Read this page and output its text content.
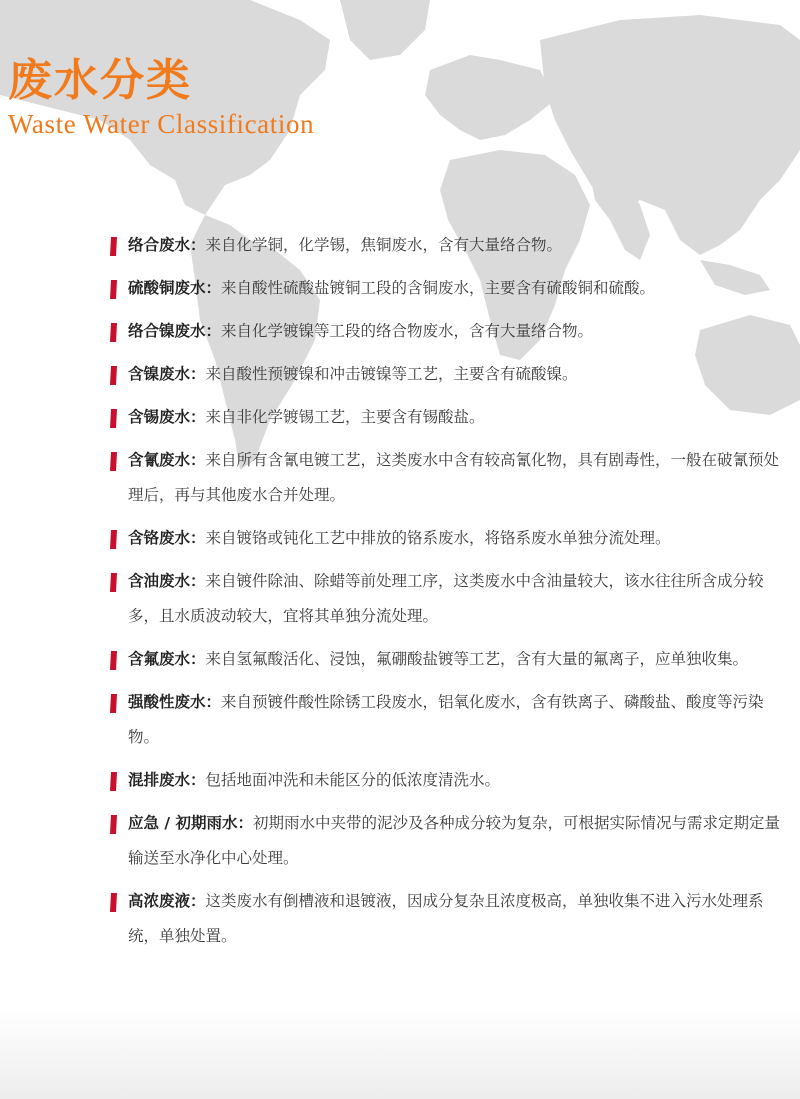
废水分类
Waste Water Classification
络合废水：来自化学铜，化学锡，焦铜废水，含有大量络合物。
硫酸铜废水：来自酸性硫酸盐镀铜工段的含铜废水，主要含有硫酸铜和硫酸。
络合镍废水：来自化学镀镍等工段的络合物废水，含有大量络合物。
含镍废水：来自酸性预镀镍和冲击镀镍等工艺，主要含有硫酸镍。
含锡废水：来自非化学镀锡工艺，主要含有锡酸盐。
含氰废水：来自所有含氰电镀工艺，这类废水中含有较高氰化物，具有剧毒性，一般在破氰预处理后，再与其他废水合并处理。
含铬废水：来自镀铬或钝化工艺中排放的铬系废水，将铬系废水单独分流处理。
含油废水：来自镀件除油、除蜡等前处理工序，这类废水中含油量较大，该水往往所含成分较多，且水质波动较大，宜将其单独分流处理。
含氟废水：来自氢氟酸活化、浸蚀，氟硼酸盐镀等工艺，含有大量的氟离子，应单独收集。
强酸性废水：来自预镀件酸性除锈工段废水，铝氧化废水，含有铁离子、磷酸盐、酸度等污染物。
混排废水：包括地面冲洗和未能区分的低浓度清洗水。
应急 / 初期雨水：初期雨水中夹带的泥沙及各种成分较为复杂，可根据实际情况与需求定期定量输送至水净化中心处理。
高浓废液：这类废水有倒槽液和退镀液，因成分复杂且浓度极高，单独收集不进入污水处理系统，单独处置。
